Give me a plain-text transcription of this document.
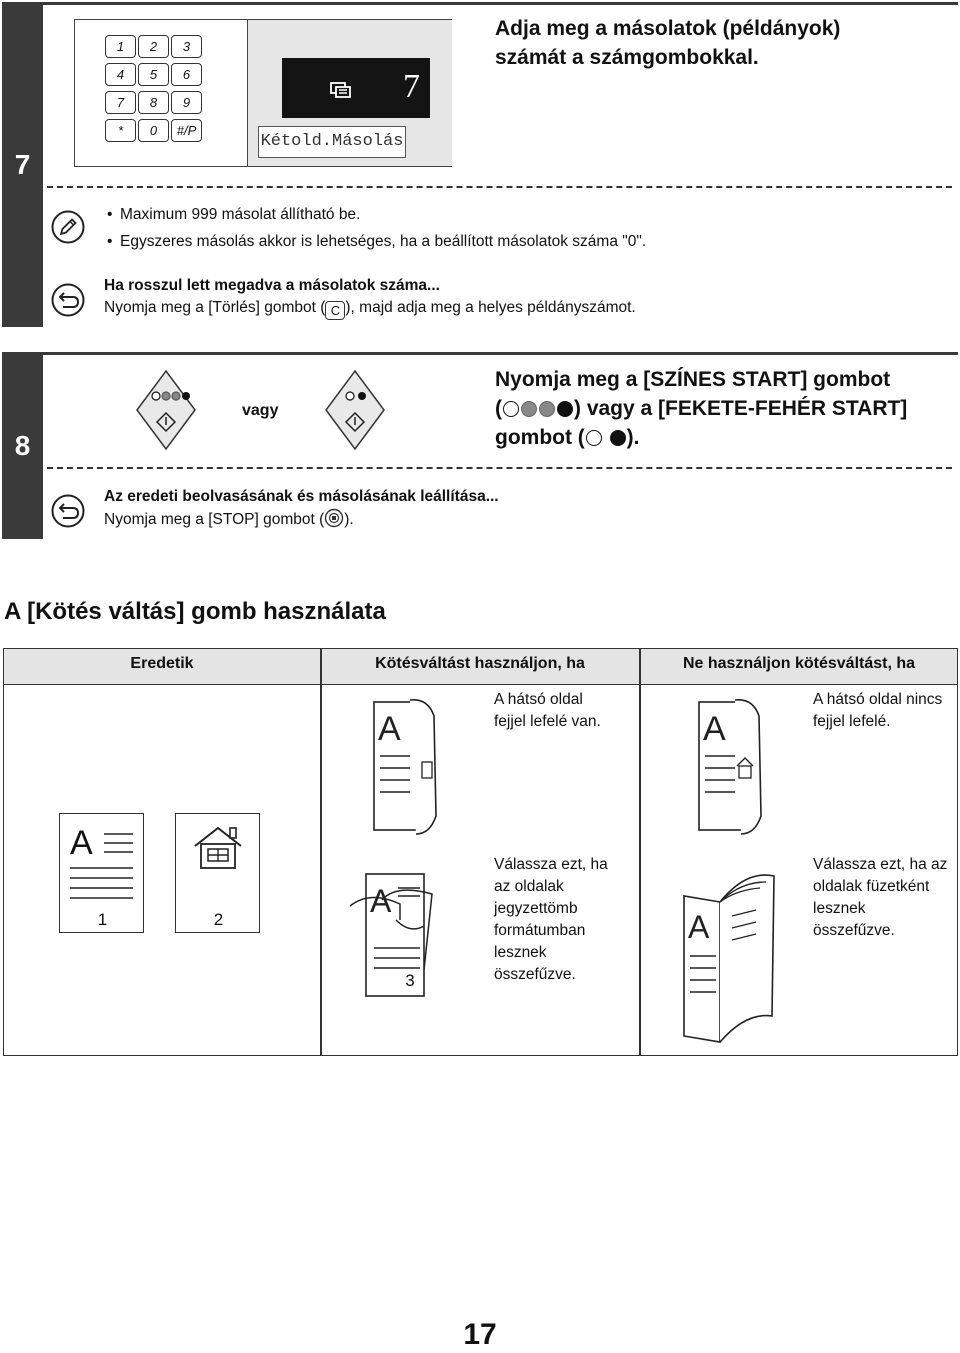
7
1	2	3
4	5	6
7	8	9
*	0	#/P
7
Kétold.Másolás
Adja meg a másolatok (példányok) számát a számgombokkal.
• Maximum 999 másolat állítható be.
• Egyszeres másolás akkor is lehetséges, ha a beállított másolatok száma "0".
Ha rosszul lett megadva a másolatok száma...
Nyomja meg a [Törlés] gombot ( C ), majd adja meg a helyes példányszámot.
8
vagy
Nyomja meg a [SZÍNES START] gombot
(	) vagy a [FEKETE-FEHÉR START]
gombot ( ).
Az eredeti beolvasásának és másolásának leállítása...
Nyomja meg a [STOP] gombot ( ).
A [Kötés váltás] gomb használata
Eredetik	Kötésváltást használjon, ha	Ne használjon kötésváltást, ha
A
1	2
A
A hátsó oldal fejjel lefelé van.
A
3
Válassza ezt, ha az oldalak jegyzettömb formátumban lesznek összefűzve.
A
A hátsó oldal nincs fejjel lefelé.
A
Válassza ezt, ha az oldalak füzetként lesznek összefűzve.
17
